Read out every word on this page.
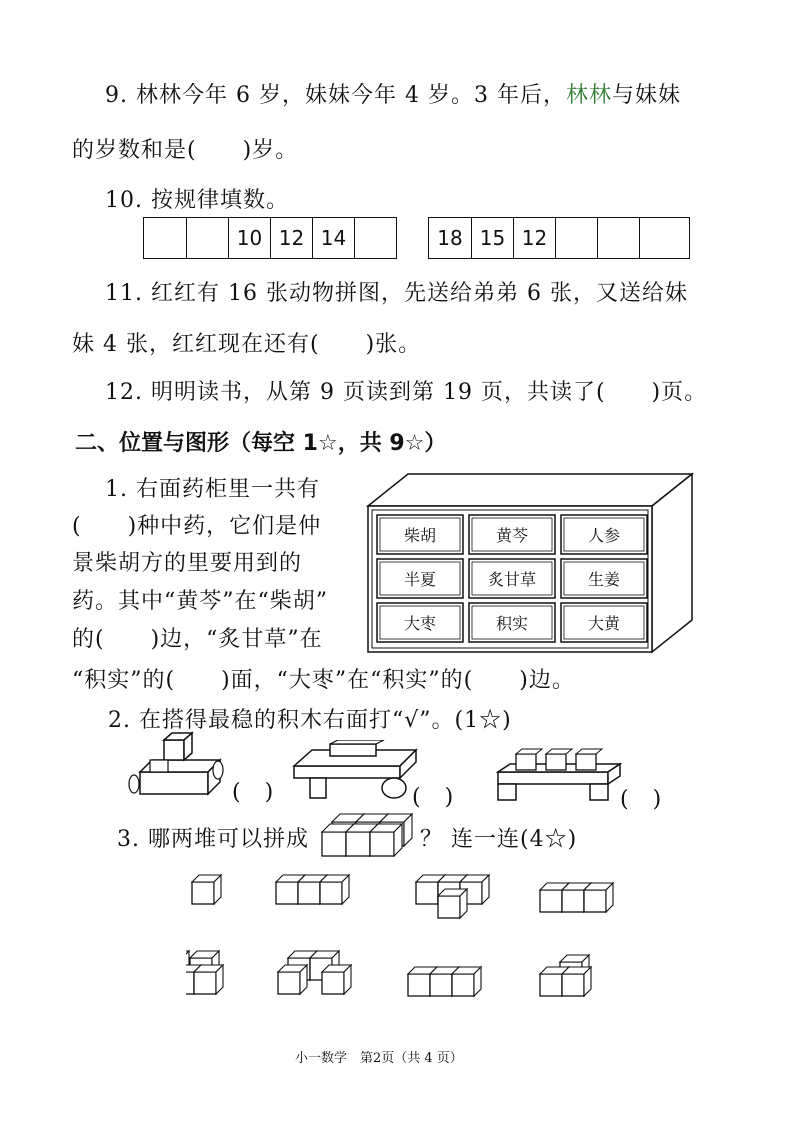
9. 林林今年 6 岁，妹妹今年 4 岁。3 年后，林林与妹妹
的岁数和是(　　)岁。
10. 按规律填数。
10 12 14	18 15 12
11. 红红有 16 张动物拼图，先送给弟弟 6 张，又送给妹
妹 4 张，红红现在还有(　　)张。
12. 明明读书，从第 9 页读到第 19 页，共读了(　　)页。
二、位置与图形（每空 1☆，共 9☆）
1. 右面药柜里一共有
(　　)种中药，它们是仲
景柴胡方的里要用到的
药。其中“黄芩”在“柴胡”
的(　　)边，“炙甘草”在
“积实”的(　　)面，“大枣”在“积实”的(　　)边。
柴胡	黄芩	人参
半夏	炙甘草	生姜
大枣	积实	大黄
2. 在搭得最稳的积木右面打“√”。(1☆)
(　)	(　)	(　)
3. 哪两堆可以拼成	？ 连一连(4☆)
小一数学　第2页（共 4 页）
